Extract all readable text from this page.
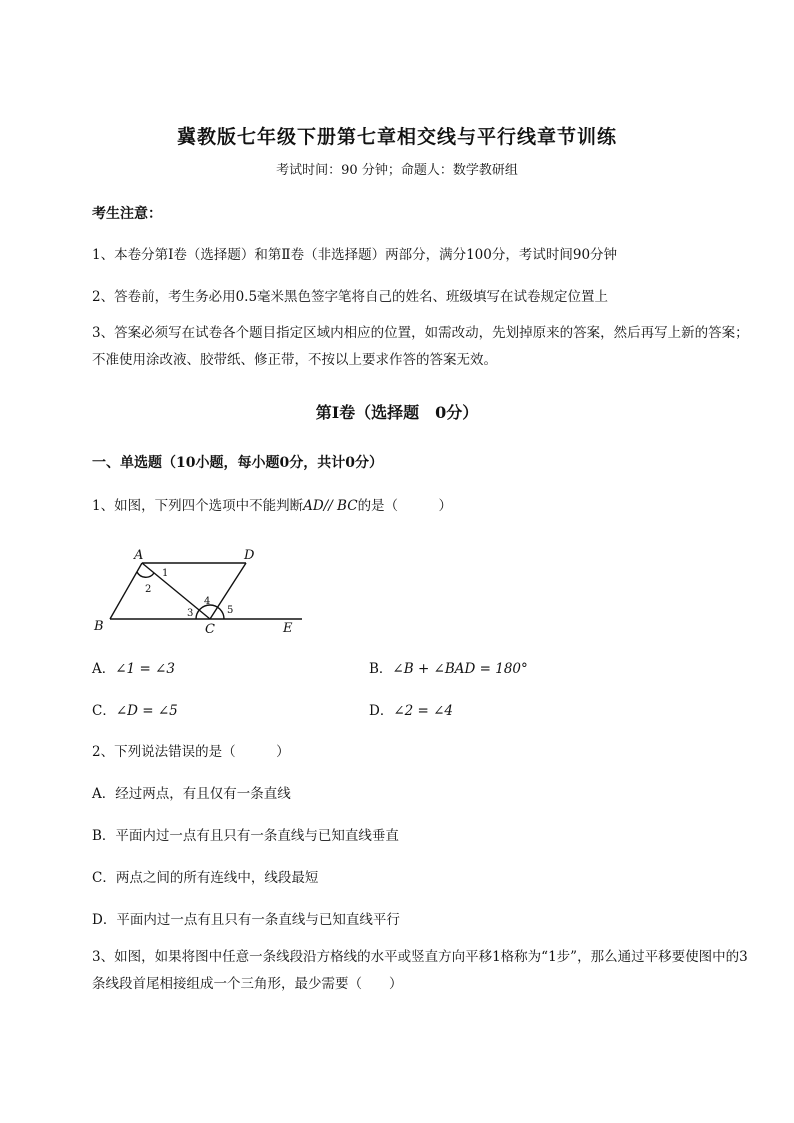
冀教版七年级下册第七章相交线与平行线章节训练
考试时间：90 分钟；命题人：数学教研组
考生注意：
1、本卷分第Ⅰ卷（选择题）和第Ⅱ卷（非选择题）两部分，满分100分，考试时间90分钟
2、答卷前，考生务必用0.5毫米黑色签字笔将自己的姓名、班级填写在试卷规定位置上
3、答案必须写在试卷各个题目指定区域内相应的位置，如需改动，先划掉原来的答案，然后再写上新的答案；不准使用涂改液、胶带纸、修正带，不按以上要求作答的答案无效。
第Ⅰ卷（选择题　0分）
一、单选题（10小题，每小题0分，共计0分）
1、如图，下列四个选项中不能判断AD// BC的是（　　　）
A	D
B	C	E
1
2
3
4
5
A．∠1 = ∠3	B．∠B + ∠BAD = 180°
C．∠D = ∠5	D．∠2 = ∠4
2、下列说法错误的是（　　　）
A．经过两点，有且仅有一条直线
B．平面内过一点有且只有一条直线与已知直线垂直
C．两点之间的所有连线中，线段最短
D．平面内过一点有且只有一条直线与已知直线平行
3、如图，如果将图中任意一条线段沿方格线的水平或竖直方向平移1格称为“1步”，那么通过平移要使图中的3条线段首尾相接组成一个三角形，最少需要（　　）
